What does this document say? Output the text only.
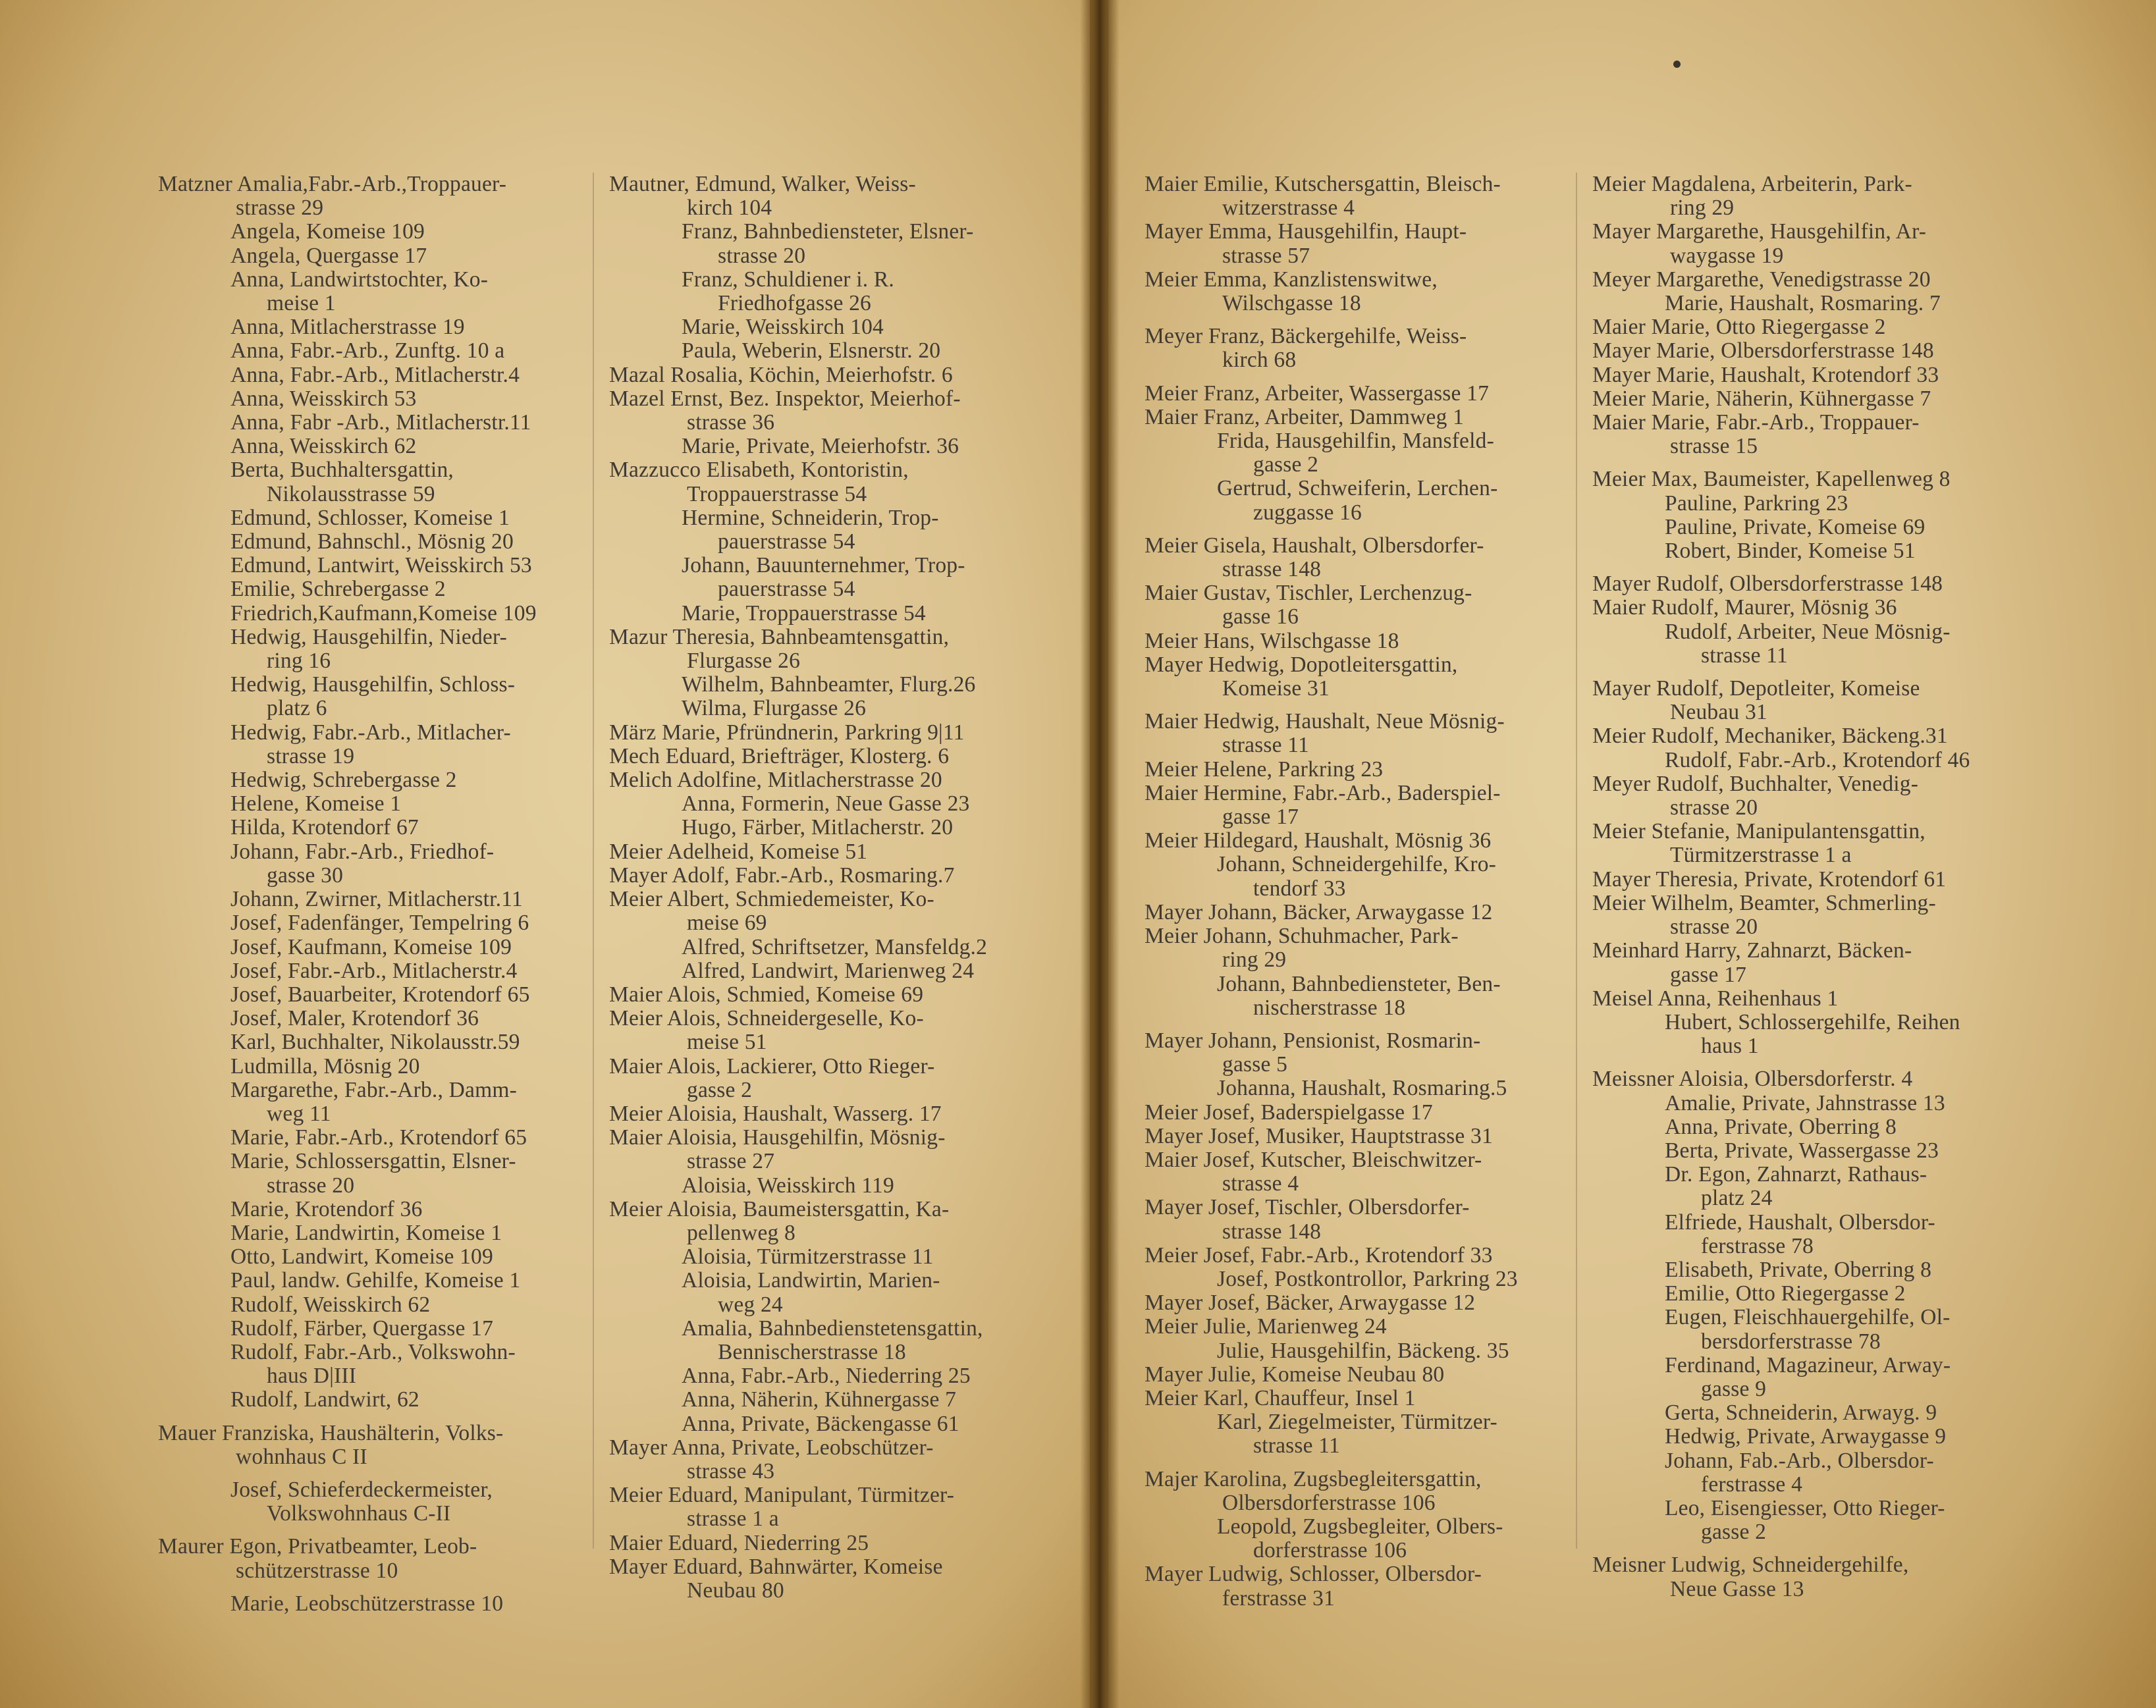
Matzner Amalia,Fabr.-Arb.,Troppauer-
strasse 29
Angela, Komeise 109
Angela, Quergasse 17
Anna, Landwirtstochter, Ko-
meise 1
Anna, Mitlacherstrasse 19
Anna, Fabr.-Arb., Zunftg. 10 a
Anna, Fabr.-Arb., Mitlacherstr.4
Anna, Weisskirch 53
Anna, Fabr -Arb., Mitlacherstr.11
Anna, Weisskirch 62
Berta, Buchhaltersgattin,
Nikolausstrasse 59
Edmund, Schlosser, Komeise 1
Edmund, Bahnschl., Mösnig 20
Edmund, Lantwirt, Weisskirch 53
Emilie, Schrebergasse 2
Friedrich,Kaufmann,Komeise 109
Hedwig, Hausgehilfin, Nieder-
ring 16
Hedwig, Hausgehilfin, Schloss-
platz 6
Hedwig, Fabr.-Arb., Mitlacher-
strasse 19
Hedwig, Schrebergasse 2
Helene, Komeise 1
Hilda, Krotendorf 67
Johann, Fabr.-Arb., Friedhof-
gasse 30
Johann, Zwirner, Mitlacherstr.11
Josef, Fadenfänger, Tempelring 6
Josef, Kaufmann, Komeise 109
Josef, Fabr.-Arb., Mitlacherstr.4
Josef, Bauarbeiter, Krotendorf 65
Josef, Maler, Krotendorf 36
Karl, Buchhalter, Nikolausstr.59
Ludmilla, Mösnig 20
Margarethe, Fabr.-Arb., Damm-
weg 11
Marie, Fabr.-Arb., Krotendorf 65
Marie, Schlossersgattin, Elsner-
strasse 20
Marie, Krotendorf 36
Marie, Landwirtin, Komeise 1
Otto, Landwirt, Komeise 109
Paul, landw. Gehilfe, Komeise 1
Rudolf, Weisskirch 62
Rudolf, Färber, Quergasse 17
Rudolf, Fabr.-Arb., Volkswohn-
haus D|III
Rudolf, Landwirt, 62
Mauer Franziska, Haushälterin, Volks-
wohnhaus C II
Josef, Schieferdeckermeister,
Volkswohnhaus C-II
Maurer Egon, Privatbeamter, Leob-
schützerstrasse 10
Marie, Leobschützerstrasse 10
Mautner, Edmund, Walker, Weiss-
kirch 104
Franz, Bahnbediensteter, Elsner-
strasse 20
Franz, Schuldiener i. R.
Friedhofgasse 26
Marie, Weisskirch 104
Paula, Weberin, Elsnerstr. 20
Mazal Rosalia, Köchin, Meierhofstr. 6
Mazel Ernst, Bez. Inspektor, Meierhof-
strasse 36
Marie, Private, Meierhofstr. 36
Mazzucco Elisabeth, Kontoristin,
Troppauerstrasse 54
Hermine, Schneiderin, Trop-
pauerstrasse 54
Johann, Bauunternehmer, Trop-
pauerstrasse 54
Marie, Troppauerstrasse 54
Mazur Theresia, Bahnbeamtensgattin,
Flurgasse 26
Wilhelm, Bahnbeamter, Flurg.26
Wilma, Flurgasse 26
März Marie, Pfründnerin, Parkring 9|11
Mech Eduard, Briefträger, Klosterg. 6
Melich Adolfine, Mitlacherstrasse 20
Anna, Formerin, Neue Gasse 23
Hugo, Färber, Mitlacherstr. 20
Meier Adelheid, Komeise 51
Mayer Adolf, Fabr.-Arb., Rosmaring.7
Meier Albert, Schmiedemeister, Ko-
meise 69
Alfred, Schriftsetzer, Mansfeldg.2
Alfred, Landwirt, Marienweg 24
Maier Alois, Schmied, Komeise 69
Meier Alois, Schneidergeselle, Ko-
meise 51
Maier Alois, Lackierer, Otto Rieger-
gasse 2
Meier Aloisia, Haushalt, Wasserg. 17
Maier Aloisia, Hausgehilfin, Mösnig-
strasse 27
Aloisia, Weisskirch 119
Meier Aloisia, Baumeistersgattin, Ka-
pellenweg 8
Aloisia, Türmitzerstrasse 11
Aloisia, Landwirtin, Marien-
weg 24
Amalia, Bahnbedienstetensgattin,
Bennischerstrasse 18
Anna, Fabr.-Arb., Niederring 25
Anna, Näherin, Kühnergasse 7
Anna, Private, Bäckengasse 61
Mayer Anna, Private, Leobschützer-
strasse 43
Meier Eduard, Manipulant, Türmitzer-
strasse 1 a
Maier Eduard, Niederring 25
Mayer Eduard, Bahnwärter, Komeise
Neubau 80
Maier Emilie, Kutschersgattin, Bleisch-
witzerstrasse 4
Mayer Emma, Hausgehilfin, Haupt-
strasse 57
Meier Emma, Kanzlistenswitwe,
Wilschgasse 18
Meyer Franz, Bäckergehilfe, Weiss-
kirch 68
Meier Franz, Arbeiter, Wassergasse 17
Maier Franz, Arbeiter, Dammweg 1
Frida, Hausgehilfin, Mansfeld-
gasse 2
Gertrud, Schweiferin, Lerchen-
zuggasse 16
Meier Gisela, Haushalt, Olbersdorfer-
strasse 148
Maier Gustav, Tischler, Lerchenzug-
gasse 16
Meier Hans, Wilschgasse 18
Mayer Hedwig, Dopotleitersgattin,
Komeise 31
Maier Hedwig, Haushalt, Neue Mösnig-
strasse 11
Meier Helene, Parkring 23
Maier Hermine, Fabr.-Arb., Baderspiel-
gasse 17
Meier Hildegard, Haushalt, Mösnig 36
Johann, Schneidergehilfe, Kro-
tendorf 33
Mayer Johann, Bäcker, Arwaygasse 12
Meier Johann, Schuhmacher, Park-
ring 29
Johann, Bahnbediensteter, Ben-
nischerstrasse 18
Mayer Johann, Pensionist, Rosmarin-
gasse 5
Johanna, Haushalt, Rosmaring.5
Meier Josef, Baderspielgasse 17
Mayer Josef, Musiker, Hauptstrasse 31
Maier Josef, Kutscher, Bleischwitzer-
strasse 4
Mayer Josef, Tischler, Olbersdorfer-
strasse 148
Meier Josef, Fabr.-Arb., Krotendorf 33
Josef, Postkontrollor, Parkring 23
Mayer Josef, Bäcker, Arwaygasse 12
Meier Julie, Marienweg 24
Julie, Hausgehilfin, Bäckeng. 35
Mayer Julie, Komeise Neubau 80
Meier Karl, Chauffeur, Insel 1
Karl, Ziegelmeister, Türmitzer-
strasse 11
Majer Karolina, Zugsbegleitersgattin,
Olbersdorferstrasse 106
Leopold, Zugsbegleiter, Olbers-
dorferstrasse 106
Mayer Ludwig, Schlosser, Olbersdor-
ferstrasse 31
Meier Magdalena, Arbeiterin, Park-
ring 29
Mayer Margarethe, Hausgehilfin, Ar-
waygasse 19
Meyer Margarethe, Venedigstrasse 20
Marie, Haushalt, Rosmaring. 7
Maier Marie, Otto Riegergasse 2
Mayer Marie, Olbersdorferstrasse 148
Mayer Marie, Haushalt, Krotendorf 33
Meier Marie, Näherin, Kühnergasse 7
Maier Marie, Fabr.-Arb., Troppauer-
strasse 15
Meier Max, Baumeister, Kapellenweg 8
Pauline, Parkring 23
Pauline, Private, Komeise 69
Robert, Binder, Komeise 51
Mayer Rudolf, Olbersdorferstrasse 148
Maier Rudolf, Maurer, Mösnig 36
Rudolf, Arbeiter, Neue Mösnig-
strasse 11
Mayer Rudolf, Depotleiter, Komeise
Neubau 31
Meier Rudolf, Mechaniker, Bäckeng.31
Rudolf, Fabr.-Arb., Krotendorf 46
Meyer Rudolf, Buchhalter, Venedig-
strasse 20
Meier Stefanie, Manipulantensgattin,
Türmitzerstrasse 1 a
Mayer Theresia, Private, Krotendorf 61
Meier Wilhelm, Beamter, Schmerling-
strasse 20
Meinhard Harry, Zahnarzt, Bäcken-
gasse 17
Meisel Anna, Reihenhaus 1
Hubert, Schlossergehilfe, Reihen
haus 1
Meissner Aloisia, Olbersdorferstr. 4
Amalie, Private, Jahnstrasse 13
Anna, Private, Oberring 8
Berta, Private, Wassergasse 23
Dr. Egon, Zahnarzt, Rathaus-
platz 24
Elfriede, Haushalt, Olbersdor-
ferstrasse 78
Elisabeth, Private, Oberring 8
Emilie, Otto Riegergasse 2
Eugen, Fleischhauergehilfe, Ol-
bersdorferstrasse 78
Ferdinand, Magazineur, Arway-
gasse 9
Gerta, Schneiderin, Arwayg. 9
Hedwig, Private, Arwaygasse 9
Johann, Fab.-Arb., Olbersdor-
ferstrasse 4
Leo, Eisengiesser, Otto Rieger-
gasse 2
Meisner Ludwig, Schneidergehilfe,
Neue Gasse 13
